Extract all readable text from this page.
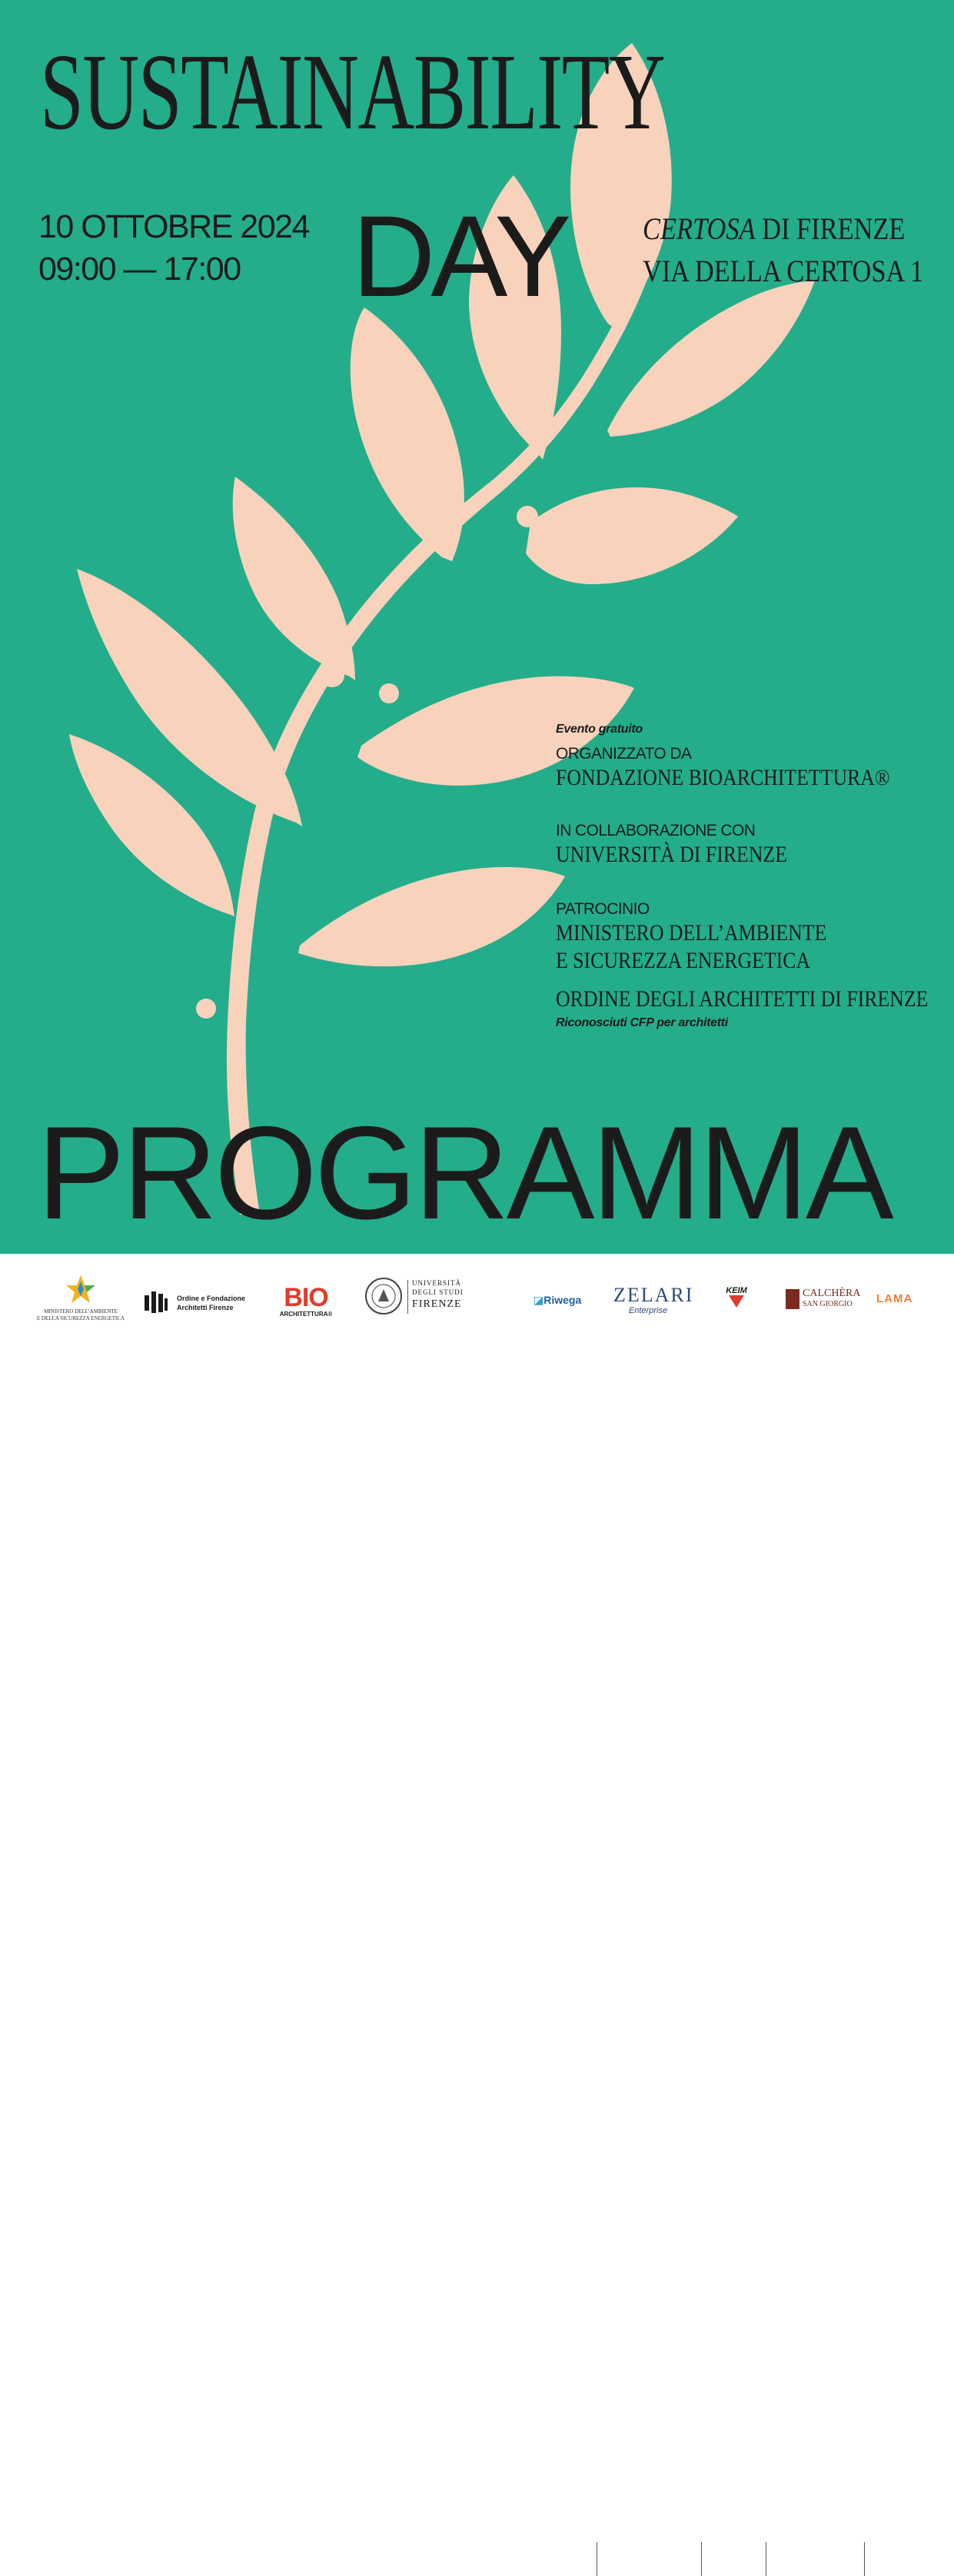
SUSTAINABILITY
DAY
10 OTTOBRE 2024
09:00 — 17:00
CERTOSA DI FIRENZE
VIA DELLA CERTOSA 1
Evento gratuito
ORGANIZZATO DA
FONDAZIONE BIOARCHITETTURA®
IN COLLABORAZIONE CON
UNIVERSITÀ DI FIRENZE
PATROCINIO
MINISTERO DELL’AMBIENTE
E SICUREZZA ENERGETICA
ORDINE DEGLI ARCHITETTI DI FIRENZE
Riconosciuti CFP per architetti
PROGRAMMA
MINISTERO DELL’AMBIENTE
E DELLA SICUREZZA ENERGETICA
Ordine e Fondazione
Architetti Firenze	BIO
ARCHITETTURA®
UNIVERSITÀ
DEGLI STUDI
FIRENZE	◪Riwega ZELARI
Enterprise
KEIM	CALCHÈRA
SAN GIORGIO LAMA
